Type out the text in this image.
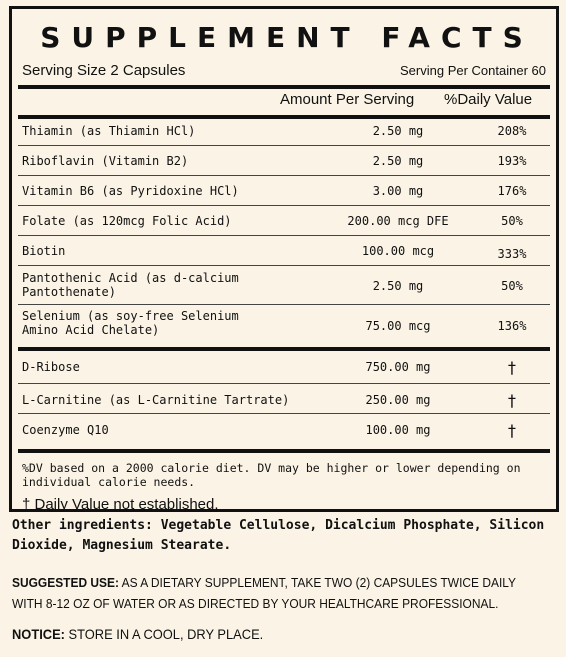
SUPPLEMENT FACTS
Serving Size 2 Capsules	Serving Per Container 60
Amount Per Serving %Daily Value
Thiamin (as Thiamin HCl)	2.50 mg	208%
Riboflavin (Vitamin B2)	2.50 mg	193%
Vitamin B6 (as Pyridoxine HCl)	3.00 mg	176%
Folate (as 120mcg Folic Acid)	200.00 mcg DFE	50%
Biotin	100.00 mcg	333%
Pantothenic Acid (as d-calcium Pantothenate)	2.50 mg	50%
Selenium (as soy-free Selenium Amino Acid Chelate)	75.00 mcg	136%
D-Ribose	750.00 mg	†
L-Carnitine (as L-Carnitine Tartrate)	250.00 mg	†
Coenzyme Q10	100.00 mg	†
%DV based on a 2000 calorie diet. DV may be higher or lower depending on individual calorie needs.
† Daily Value not established.
Other ingredients: Vegetable Cellulose, Dicalcium Phosphate, Silicon Dioxide, Magnesium Stearate.
SUGGESTED USE: AS A DIETARY SUPPLEMENT, TAKE TWO (2) CAPSULES TWICE DAILY WITH 8-12 OZ OF WATER OR AS DIRECTED BY YOUR HEALTHCARE PROFESSIONAL.
NOTICE: STORE IN A COOL, DRY PLACE.
